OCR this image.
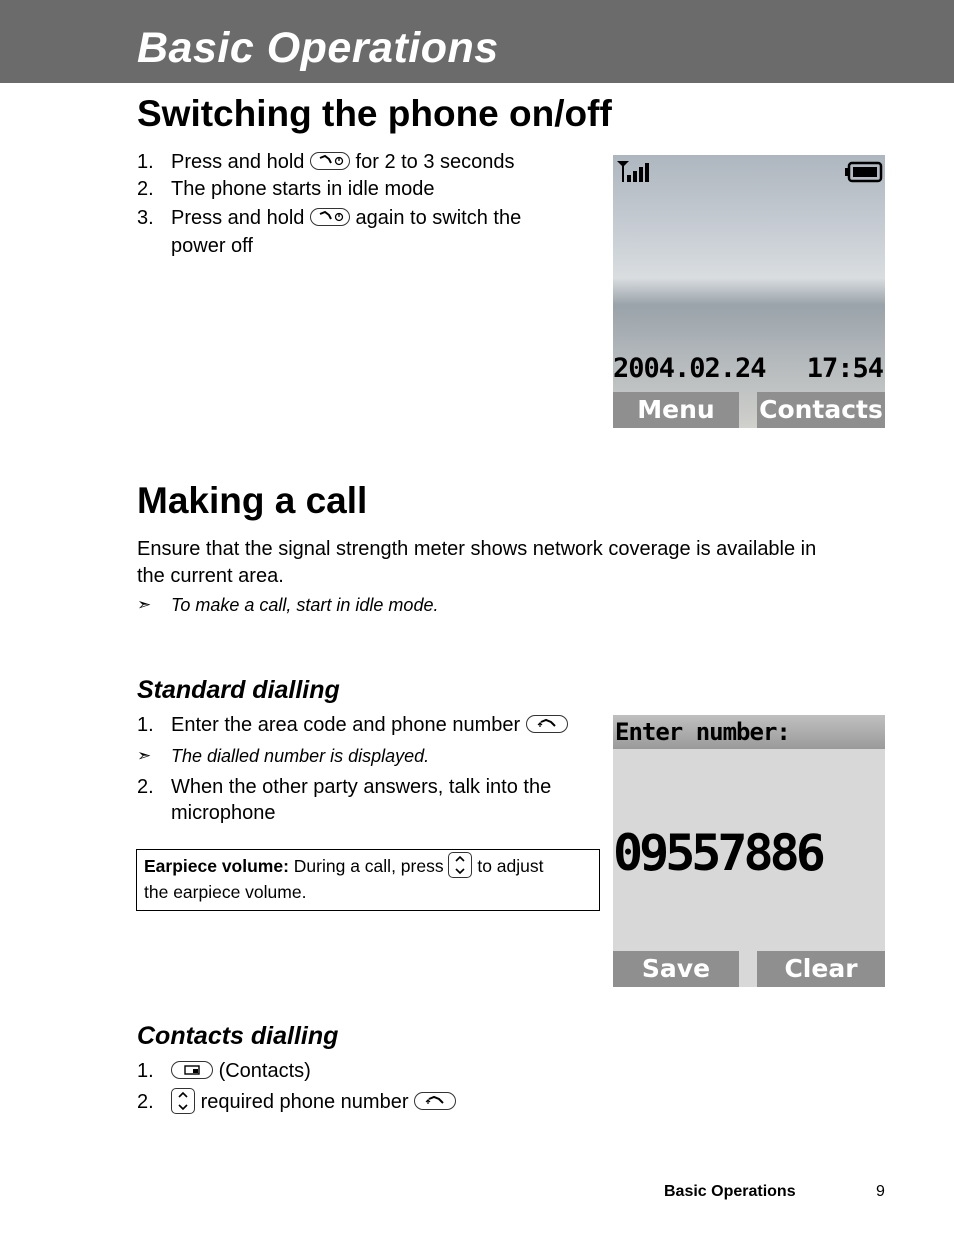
Basic Operations
Switching the phone on/off
1. Press and hold	for 2 to 3 seconds
2. The phone starts in idle mode
3. Press and hold	again to switch the
power off
2004.02.24 17:54
Menu	Contacts
Making a call
Ensure that the signal strength meter shows network coverage is available in
the current area.
➣ To make a call, start in idle mode.
Standard dialling
1. Enter the area code and phone number
➣ The dialled number is displayed.
2. When the other party answers, talk into the
microphone
Earpiece volume: During a call, press to adjust
the earpiece volume.
Enter number:
09557886
Save	Clear
Contacts dialling
1.	(Contacts)
2.	required phone number
Basic Operations	9
